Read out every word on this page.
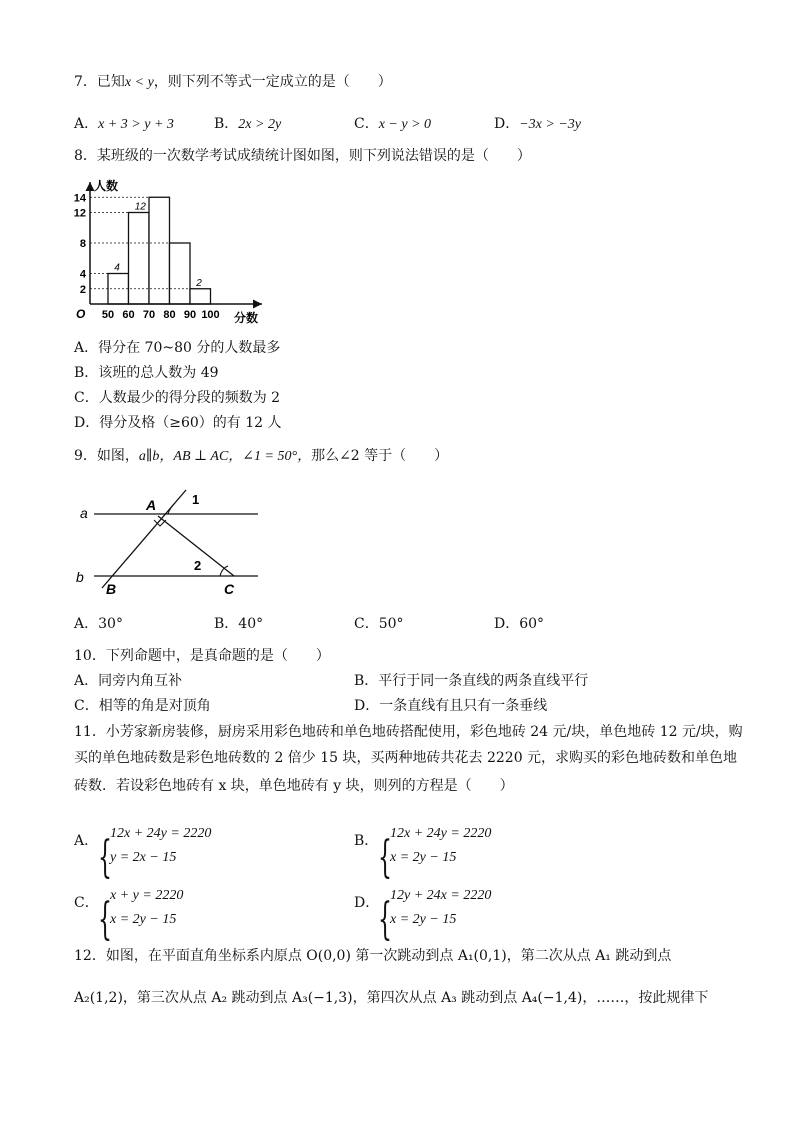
7．已知x < y，则下列不等式一定成立的是（　　）
A．x + 3 > y + 3	B．2x > 2y	C．x − y > 0	D．−3x > −3y
8．某班级的一次数学考试成绩统计图如图，则下列说法错误的是（　　）
2
4
8
12
14
50 60 70 80 90 100
4
12
2
人数
分数
O
A．得分在 70~80 分的人数最多
B．该班的总人数为 49
C．人数最少的得分段的频数为 2
D．得分及格（≥60）的有 12 人
9．如图，a∥b，AB ⊥ AC，∠1 = 50°，那么∠2 等于（　　）
a
b
A
B	C
1
2
A．30°	B．40°	C．50°	D．60°
10．下列命题中，是真命题的是（　　）
A．同旁内角互补	B．平行于同一条直线的两条直线平行
C．相等的角是对顶角	D．一条直线有且只有一条垂线
11．小芳家新房装修，厨房采用彩色地砖和单色地砖搭配使用，彩色地砖 24 元/块，单色地砖 12 元/块，购
买的单色地砖数是彩色地砖数的 2 倍少 15 块，买两种地砖共花去 2220 元，求购买的彩色地砖数和单色地
砖数．若设彩色地砖有 x 块，单色地砖有 y 块，则列的方程是（　　）
A． {
12x + 24y = 2220
y = 2x − 15
B． {
12x + 24y = 2220
x = 2y − 15
C． {
x + y = 2220
x = 2y − 15
D．
{
12y + 24x = 2220
x = 2y − 15
12．如图，在平面直角坐标系内原点 O(0,0) 第一次跳动到点 A₁(0,1)，第二次从点 A₁ 跳动到点
A₂(1,2)，第三次从点 A₂ 跳动到点 A₃(−1,3)，第四次从点 A₃ 跳动到点 A₄(−1,4)，……，按此规律下
